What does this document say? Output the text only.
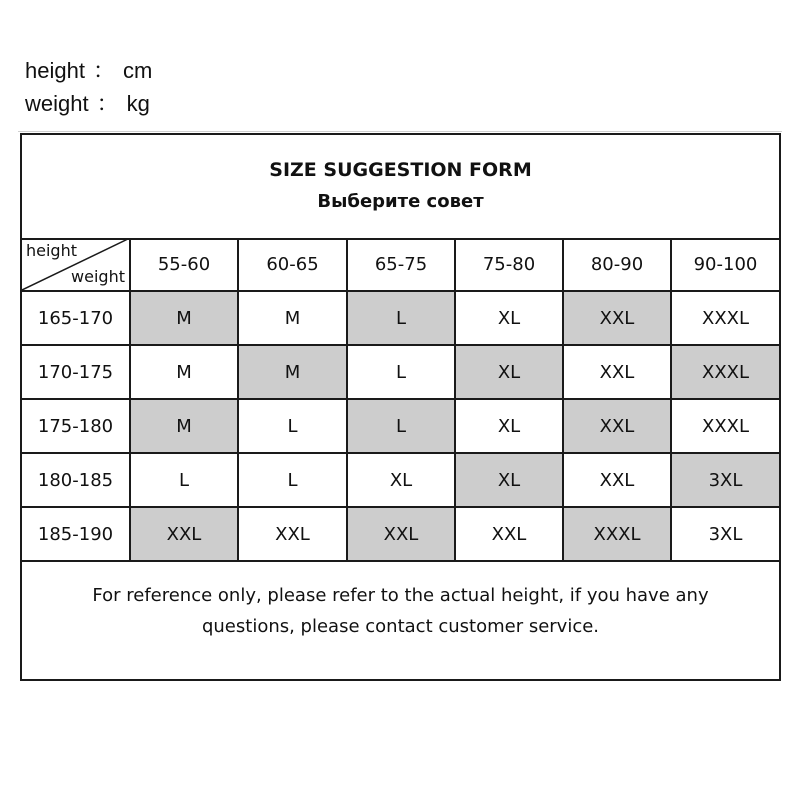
height ： cm
weight ： kg
SIZE SUGGESTION FORM
Выберите совет
height
weight	55-60	60-65	65-75	75-80	80-90	90-100
165-170	M	M	L	XL	XXL	XXXL
170-175	M	M	L	XL	XXL	XXXL
175-180	M	L	L	XL	XXL	XXXL
180-185	L	L	XL	XL	XXL	3XL
185-190	XXL	XXL	XXL	XXL	XXXL	3XL
For reference only, please refer to the actual height, if you have any
questions, please contact customer service.
